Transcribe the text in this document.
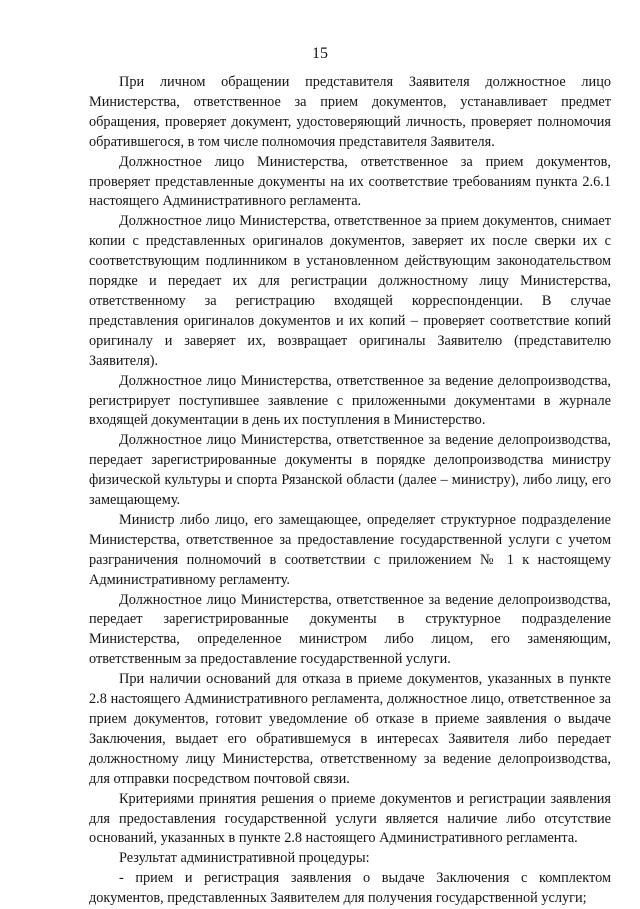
15

При личном обращении представителя Заявителя должностное лицо Министерства, ответственное за прием документов, устанавливает предмет обращения, проверяет документ, удостоверяющий личность, проверяет полномочия обратившегося, в том числе полномочия представителя Заявителя.

Должностное лицо Министерства, ответственное за прием документов, проверяет представленные документы на их соответствие требованиям пункта 2.6.1 настоящего Административного регламента.

Должностное лицо Министерства, ответственное за прием документов, снимает копии с представленных оригиналов документов, заверяет их после сверки их с соответствующим подлинником в установленном действующим законодательством порядке и передает их для регистрации должностному лицу Министерства, ответственному за регистрацию входящей корреспонденции. В случае представления оригиналов документов и их копий – проверяет соответствие копий оригиналу и заверяет их, возвращает оригиналы Заявителю (представителю Заявителя).

Должностное лицо Министерства, ответственное за ведение делопроизводства, регистрирует поступившее заявление с приложенными документами в журнале входящей документации в день их поступления в Министерство.

Должностное лицо Министерства, ответственное за ведение делопроизводства, передает зарегистрированные документы в порядке делопроизводства министру физической культуры и спорта Рязанской области (далее – министру), либо лицу, его замещающему.

Министр либо лицо, его замещающее, определяет структурное подразделение Министерства, ответственное за предоставление государственной услуги с учетом разграничения полномочий в соответствии с приложением № 1 к настоящему Административному регламенту.

Должностное лицо Министерства, ответственное за ведение делопроизводства, передает зарегистрированные документы в структурное подразделение Министерства, определенное министром либо лицом, его заменяющим, ответственным за предоставление государственной услуги.

При наличии оснований для отказа в приеме документов, указанных в пункте 2.8 настоящего Административного регламента, должностное лицо, ответственное за прием документов, готовит уведомление об отказе в приеме заявления о выдаче Заключения, выдает его обратившемуся в интересах Заявителя либо передает должностному лицу Министерства, ответственному за ведение делопроизводства, для отправки посредством почтовой связи.

Критериями принятия решения о приеме документов и регистрации заявления для предоставления государственной услуги является наличие либо отсутствие оснований, указанных в пункте 2.8 настоящего Административного регламента.

Результат административной процедуры:

- прием и регистрация заявления о выдаче Заключения с комплектом документов, представленных Заявителем для получения государственной услуги;
